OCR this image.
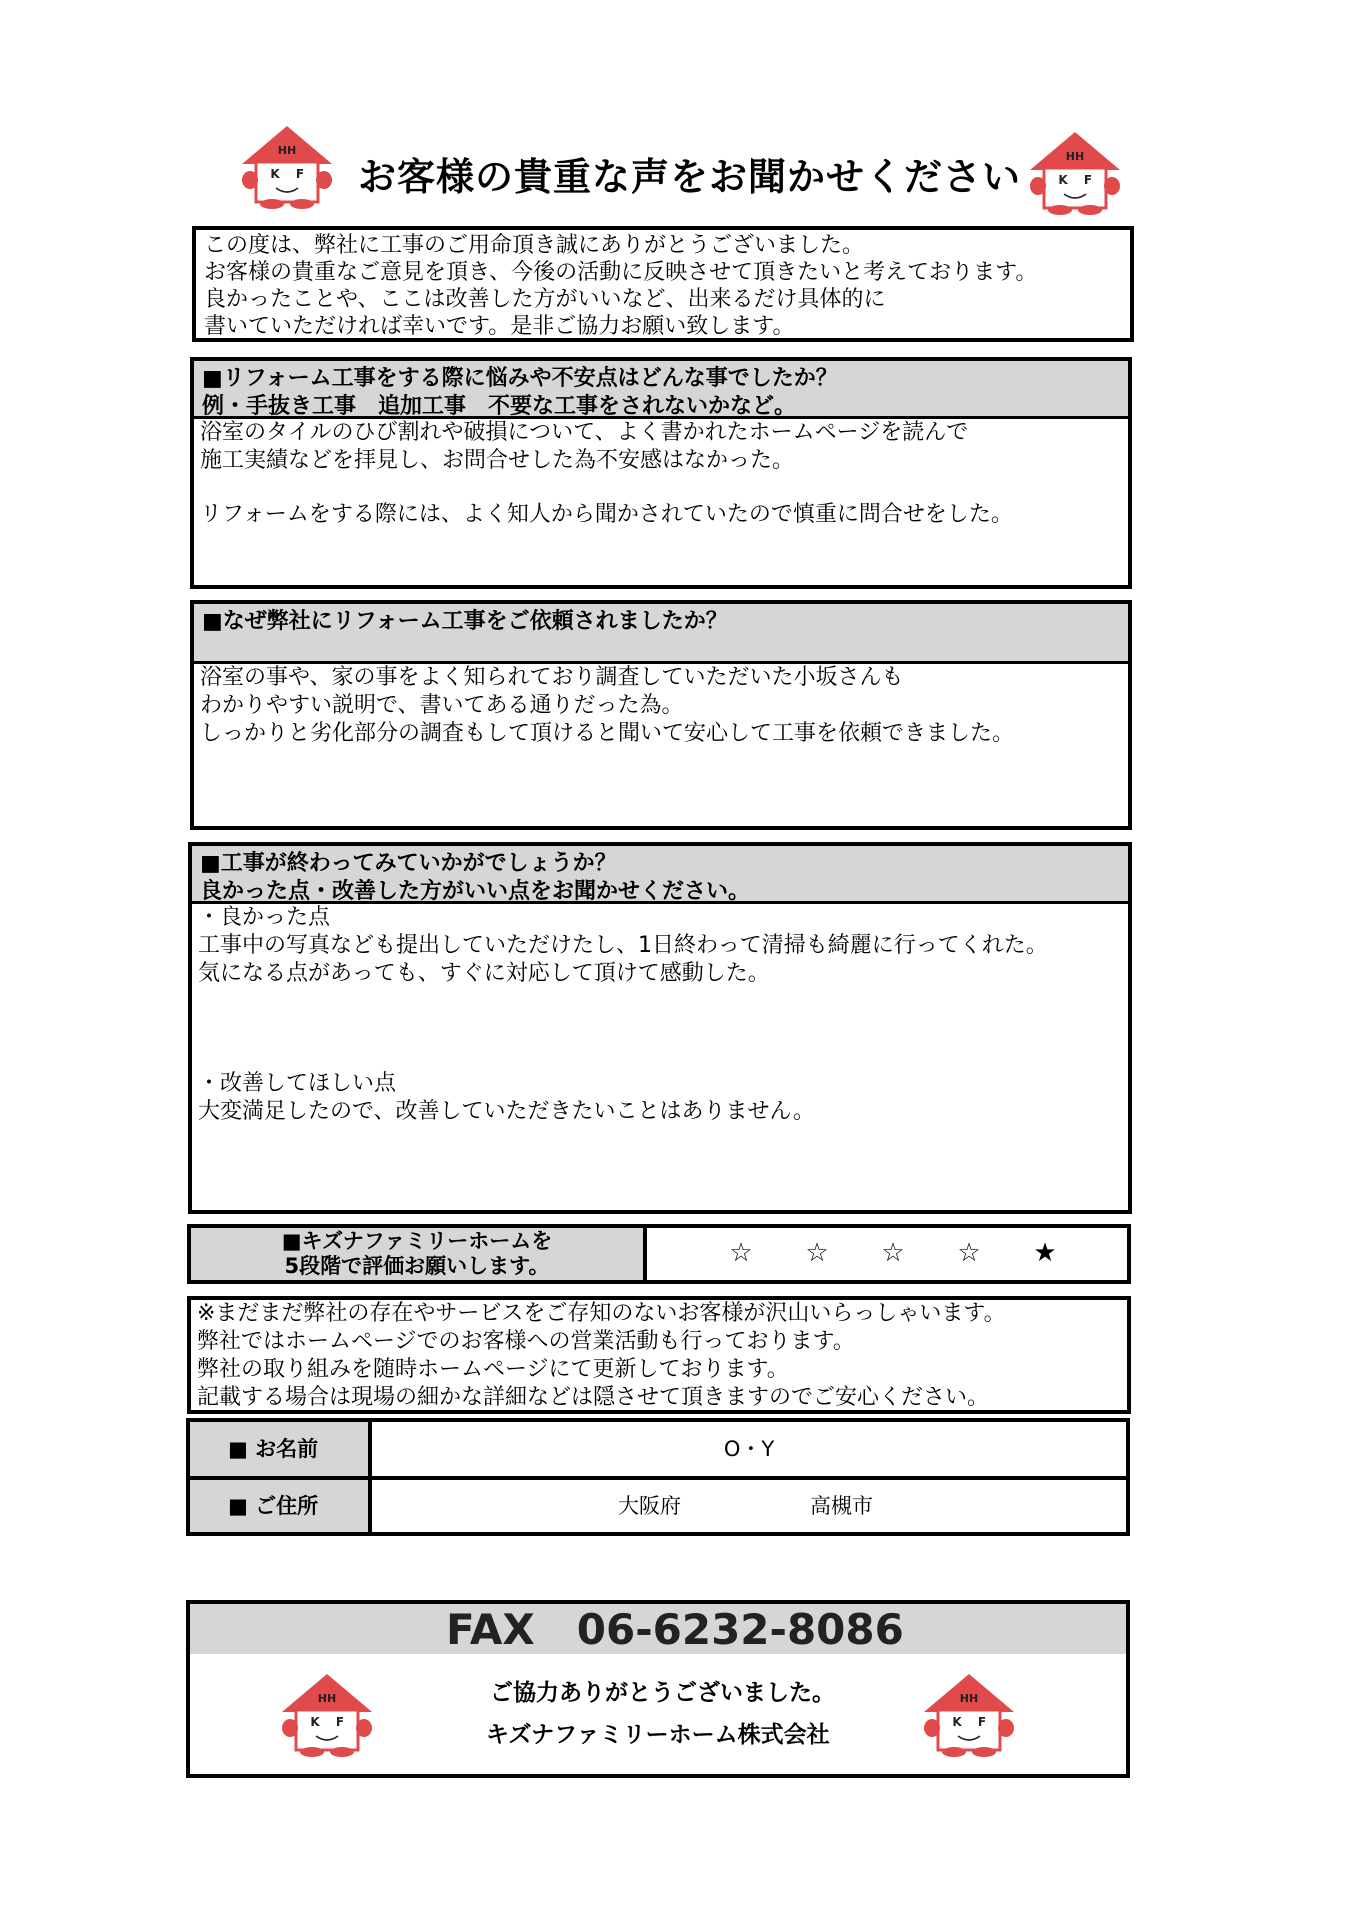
HH
K F
HH
K F
お客様の貴重な声をお聞かせください
この度は、弊社に工事のご用命頂き誠にありがとうございました。
お客様の貴重なご意見を頂き、今後の活動に反映させて頂きたいと考えております。
良かったことや、ここは改善した方がいいなど、出来るだけ具体的に
書いていただければ幸いです。是非ご協力お願い致します。
■リフォーム工事をする際に悩みや不安点はどんな事でしたか？
例・手抜き工事　追加工事　不要な工事をされないかなど。
浴室のタイルのひび割れや破損について、よく書かれたホームページを読んで
施工実績などを拝見し、お問合せした為不安感はなかった。
リフォームをする際には、よく知人から聞かされていたので慎重に問合せをした。
■なぜ弊社にリフォーム工事をご依頼されましたか？
浴室の事や、家の事をよく知られており調査していただいた小坂さんも
わかりやすい説明で、書いてある通りだった為。
しっかりと劣化部分の調査もして頂けると聞いて安心して工事を依頼できました。
■工事が終わってみていかがでしょうか？
良かった点・改善した方がいい点をお聞かせください。
・良かった点
工事中の写真なども提出していただけたし、1日終わって清掃も綺麗に行ってくれた。
気になる点があっても、すぐに対応して頂けて感動した。
・改善してほしい点
大変満足したので、改善していただきたいことはありません。
■キズナファミリーホームを
5段階で評価お願いします。	☆ ☆ ☆ ☆ ★
※まだまだ弊社の存在やサービスをご存知のないお客様が沢山いらっしゃいます。
弊社ではホームページでのお客様への営業活動も行っております。
弊社の取り組みを随時ホームページにて更新しております。
記載する場合は現場の細かな詳細などは隠させて頂きますのでご安心ください。
■ お名前	O・Y
■ ご住所	大阪府	高槻市
FAX　06-6232-8086
ご協力ありがとうございました。
キズナファミリーホーム株式会社
HH
K F
HH
K F
